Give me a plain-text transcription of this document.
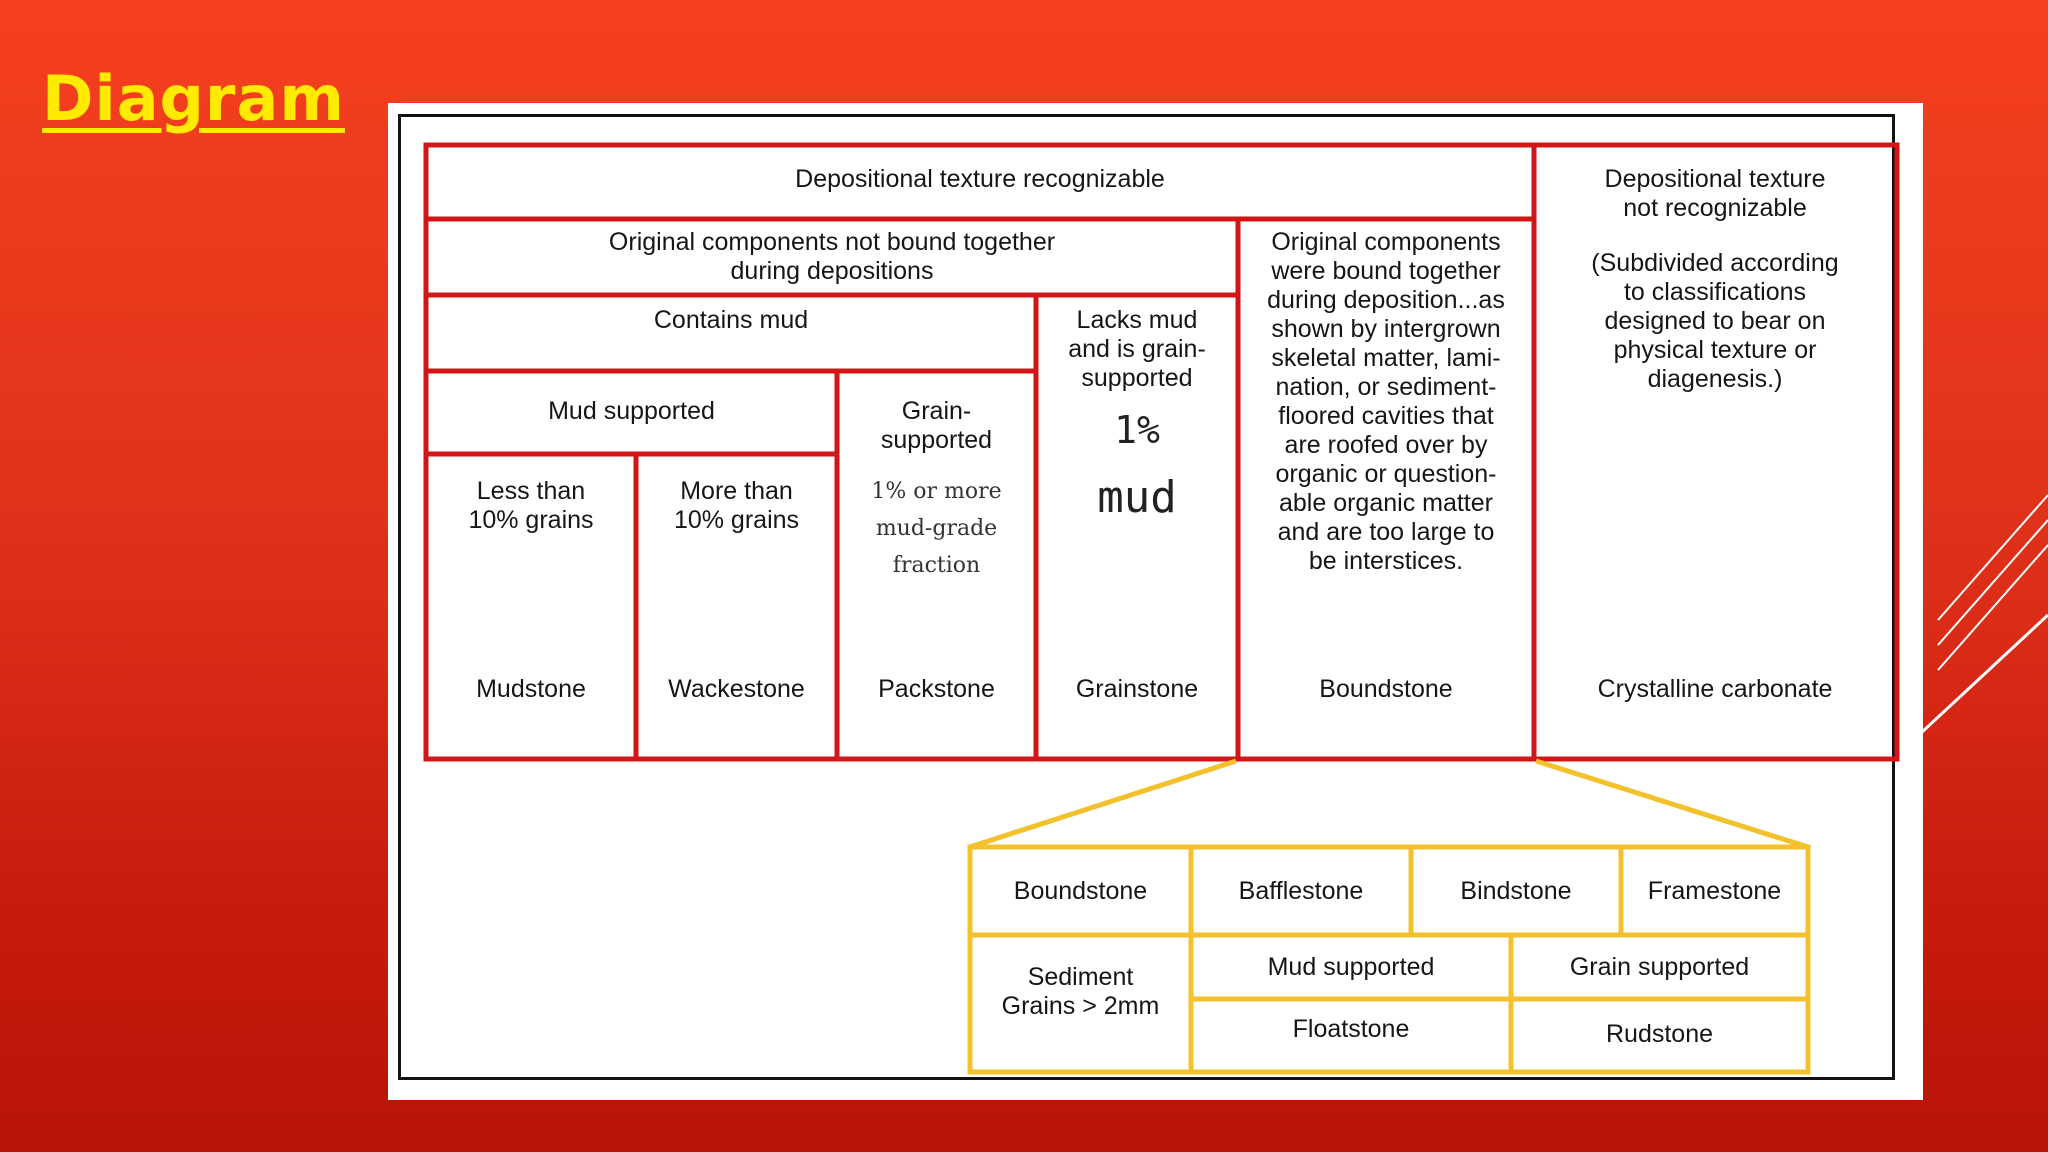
Diagram
Depositional texture recognizable	Depositional texture
not recognizable
(Subdivided according
to classifications
designed to bear on
physical texture or
diagenesis.)
Original components not bound together
during depositions
Original components
were bound together
during deposition...as
shown by intergrown
skeletal matter, lami-
nation, or sediment-
floored cavities that
are roofed over by
organic or question-
able organic matter
and are too large to
be interstices.
Contains mud	Lacks mud
and is grain-
supported
1%
mud
Mud supported	Grain-
supported
1% or more
mud-grade
fraction
Less than
10% grains
More than
10% grains
Mudstone	Wackestone	Packstone	Grainstone	Boundstone	Crystalline carbonate
Boundstone	Bafflestone	Bindstone	Framestone
Sediment
Grains > 2mm
Mud supported	Grain supported
Floatstone	Rudstone
